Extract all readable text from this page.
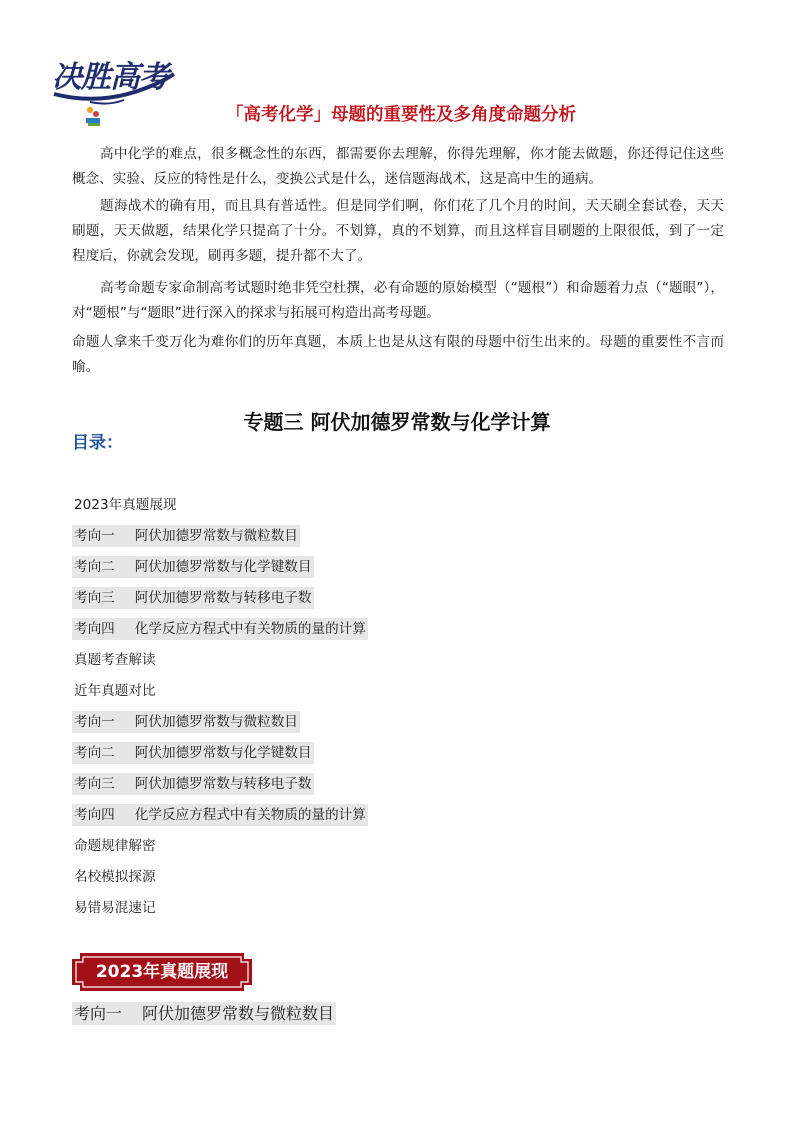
决胜高考
「高考化学」母题的重要性及多角度命题分析

高中化学的难点，很多概念性的东西，都需要你去理解，你得先理解，你才能去做题，你还得记住这些概念、实验、反应的特性是什么，变换公式是什么，迷信题海战术，这是高中生的通病。

题海战术的确有用，而且具有普适性。但是同学们啊，你们花了几个月的时间，天天刷全套试卷，天天刷题，天天做题，结果化学只提高了十分。不划算，真的不划算，而且这样盲目刷题的上限很低，到了一定程度后，你就会发现，刷再多题，提升都不大了。

高考命题专家命制高考试题时绝非凭空杜撰，必有命题的原始模型（“题根”）和命题着力点（“题眼”），对“题根”与“题眼”进行深入的探求与拓展可构造出高考母题。

命题人拿来千变万化为难你们的历年真题，本质上也是从这有限的母题中衍生出来的。母题的重要性不言而喻。

专题三 阿伏加德罗常数与化学计算
目录：
2023年真题展现
考向一 阿伏加德罗常数与微粒数目
考向二 阿伏加德罗常数与化学键数目
考向三 阿伏加德罗常数与转移电子数
考向四 化学反应方程式中有关物质的量的计算
真题考查解读
近年真题对比
考向一 阿伏加德罗常数与微粒数目
考向二 阿伏加德罗常数与化学键数目
考向三 阿伏加德罗常数与转移电子数
考向四 化学反应方程式中有关物质的量的计算
命题规律解密
名校模拟探源
易错易混速记
2023年真题展现
考向一 阿伏加德罗常数与微粒数目
